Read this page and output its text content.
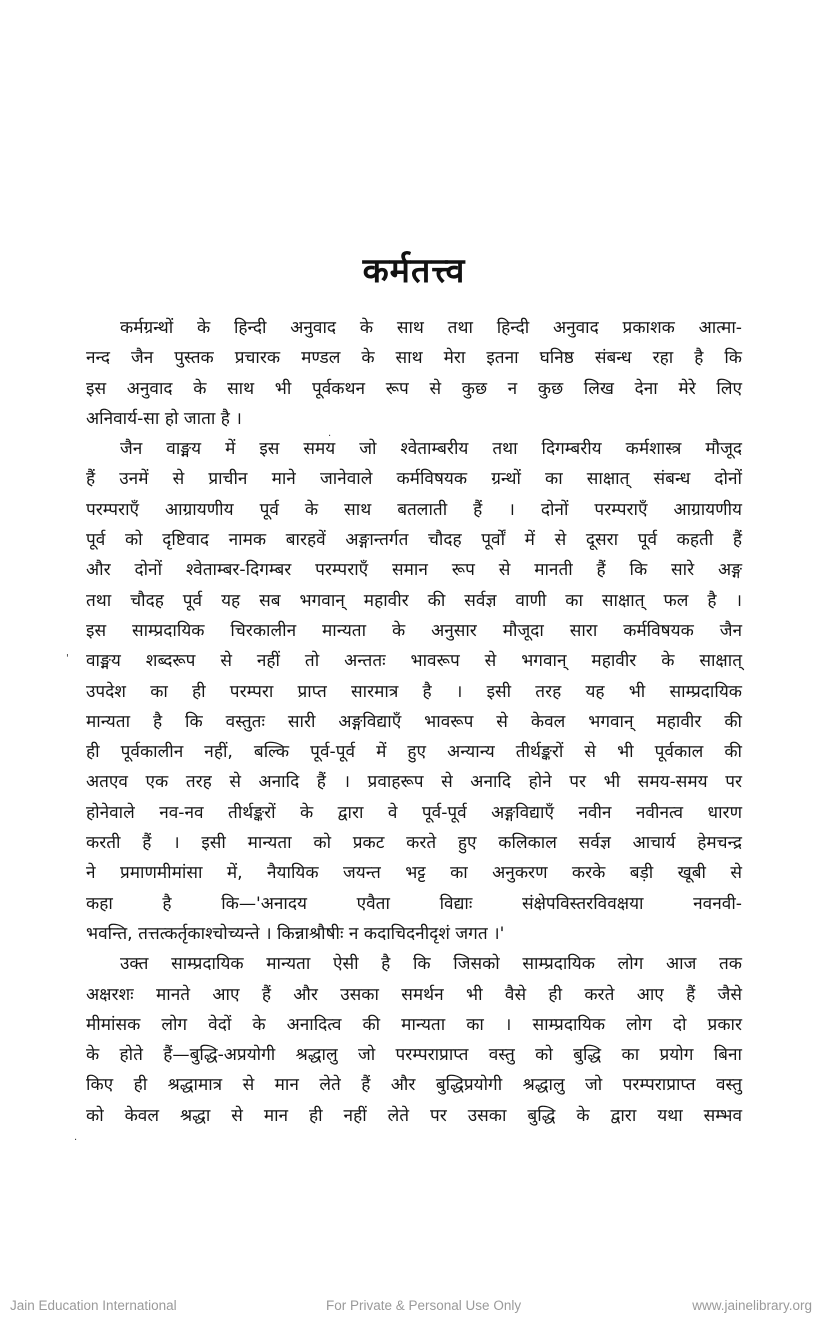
कर्मतत्त्व
कर्मग्रन्थों के हिन्दी अनुवाद के साथ तथा हिन्दी अनुवाद प्रकाशक आत्मा-
नन्द जैन पुस्तक प्रचारक मण्डल के साथ मेरा इतना घनिष्ठ संबन्ध रहा है कि
इस अनुवाद के साथ भी पूर्वकथन रूप से कुछ न कुछ लिख देना मेरे लिए
अनिवार्य-सा हो जाता है ।
जैन वाङ्मय में इस समय जो श्वेताम्बरीय तथा दिगम्बरीय कर्मशास्त्र मौजूद
हैं उनमें से प्राचीन माने जानेवाले कर्मविषयक ग्रन्थों का साक्षात् संबन्ध दोनों
परम्पराएँ आग्रायणीय पूर्व के साथ बतलाती हैं । दोनों परम्पराएँ आग्रायणीय
पूर्व को दृष्टिवाद नामक बारहवें अङ्गान्तर्गत चौदह पूर्वों में से दूसरा पूर्व कहती हैं
और दोनों श्वेताम्बर-दिगम्बर परम्पराएँ समान रूप से मानती हैं कि सारे अङ्ग
तथा चौदह पूर्व यह सब भगवान् महावीर की सर्वज्ञ वाणी का साक्षात् फल है ।
इस साम्प्रदायिक चिरकालीन मान्यता के अनुसार मौजूदा सारा कर्मविषयक जैन
वाङ्मय शब्दरूप से नहीं तो अन्ततः भावरूप से भगवान् महावीर के साक्षात्
उपदेश का ही परम्परा प्राप्त सारमात्र है । इसी तरह यह भी साम्प्रदायिक
मान्यता है कि वस्तुतः सारी अङ्गविद्याएँ भावरूप से केवल भगवान् महावीर की
ही पूर्वकालीन नहीं, बल्कि पूर्व-पूर्व में हुए अन्यान्य तीर्थङ्करों से भी पूर्वकाल की
अतएव एक तरह से अनादि हैं । प्रवाहरूप से अनादि होने पर भी समय-समय पर
होनेवाले नव-नव तीर्थङ्करों के द्वारा वे पूर्व-पूर्व अङ्गविद्याएँ नवीन नवीनत्व धारण
करती हैं । इसी मान्यता को प्रकट करते हुए कलिकाल सर्वज्ञ आचार्य हेमचन्द्र
ने प्रमाणमीमांसा में, नैयायिक जयन्त भट्ट का अनुकरण करके बड़ी खूबी से
कहा है कि—'अनादय एवैता विद्याः संक्षेपविस्तरविवक्षया नवनवी-
भवन्ति, तत्तत्कर्तृकाश्चोच्यन्ते । किन्नाश्रौषीः न कदाचिदनीदृशं जगत ।'
उक्त साम्प्रदायिक मान्यता ऐसी है कि जिसको साम्प्रदायिक लोग आज तक
अक्षरशः मानते आए हैं और उसका समर्थन भी वैसे ही करते आए हैं जैसे
मीमांसक लोग वेदों के अनादित्व की मान्यता का । साम्प्रदायिक लोग दो प्रकार
के होते हैं—बुद्धि-अप्रयोगी श्रद्धालु जो परम्पराप्राप्त वस्तु को बुद्धि का प्रयोग बिना
किए ही श्रद्धामात्र से मान लेते हैं और बुद्धिप्रयोगी श्रद्धालु जो परम्पराप्राप्त वस्तु
को केवल श्रद्धा से मान ही नहीं लेते पर उसका बुद्धि के द्वारा यथा सम्भव
'
.
.
Jain Education International	For Private & Personal Use Only	www.jainelibrary.org
